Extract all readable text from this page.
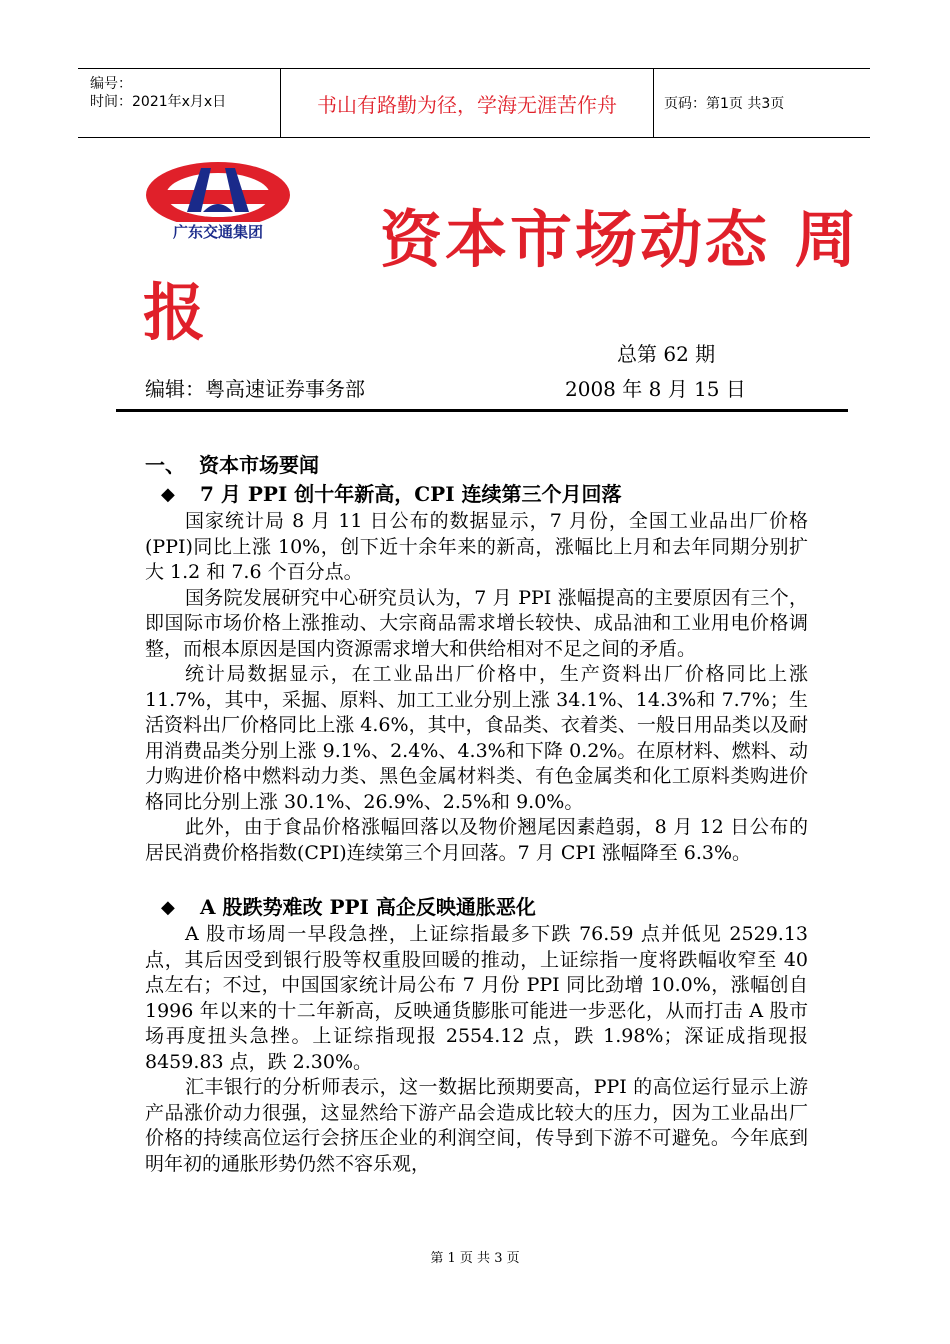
编号：
时间：2021年x月x日	书山有路勤为径，学海无涯苦作舟	页码：第1页 共3页
广东交通集团 资本市场动态 周
报
总第 62 期
编辑：粤高速证券事务部	2008 年 8 月 15 日
一、 资本市场要闻
◆ 7 月 PPI 创十年新高，CPI 连续第三个月回落

国家统计局 8 月 11 日公布的数据显示，7 月份，全国工业品出厂价格(PPI)同比上涨 10%，创下近十余年来的新高，涨幅比上月和去年同期分别扩大 1.2 和 7.6 个百分点。

国务院发展研究中心研究员认为，7 月 PPI 涨幅提高的主要原因有三个，即国际市场价格上涨推动、大宗商品需求增长较快、成品油和工业用电价格调整，而根本原因是国内资源需求增大和供给相对不足之间的矛盾。

统计局数据显示，在工业品出厂价格中，生产资料出厂价格同比上涨 11.7%，其中，采掘、原料、加工工业分别上涨 34.1%、14.3%和 7.7%；生活资料出厂价格同比上涨 4.6%，其中，食品类、衣着类、一般日用品类以及耐用消费品类分别上涨 9.1%、2.4%、4.3%和下降 0.2%。在原材料、燃料、动力购进价格中燃料动力类、黑色金属材料类、有色金属类和化工原料类购进价格同比分别上涨 30.1%、26.9%、2.5%和 9.0%。

此外，由于食品价格涨幅回落以及物价翘尾因素趋弱，8 月 12 日公布的居民消费价格指数(CPI)连续第三个月回落。7 月 CPI 涨幅降至 6.3%。

◆ A 股跌势难改 PPI 高企反映通胀恶化

A 股市场周一早段急挫，上证综指最多下跌 76.59 点并低见 2529.13 点，其后因受到银行股等权重股回暖的推动，上证综指一度将跌幅收窄至 40 点左右；不过，中国国家统计局公布 7 月份 PPI 同比劲增 10.0%，涨幅创自 1996 年以来的十二年新高，反映通货膨胀可能进一步恶化，从而打击 A 股市场再度扭头急挫。上证综指现报 2554.12 点，跌 1.98%；深证成指现报 8459.83 点，跌 2.30%。

汇丰银行的分析师表示，这一数据比预期要高，PPI 的高位运行显示上游产品涨价动力很强，这显然给下游产品会造成比较大的压力，因为工业品出厂价格的持续高位运行会挤压企业的利润空间，传导到下游不可避免。今年底到明年初的通胀形势仍然不容乐观，

第 1 页 共 3 页
